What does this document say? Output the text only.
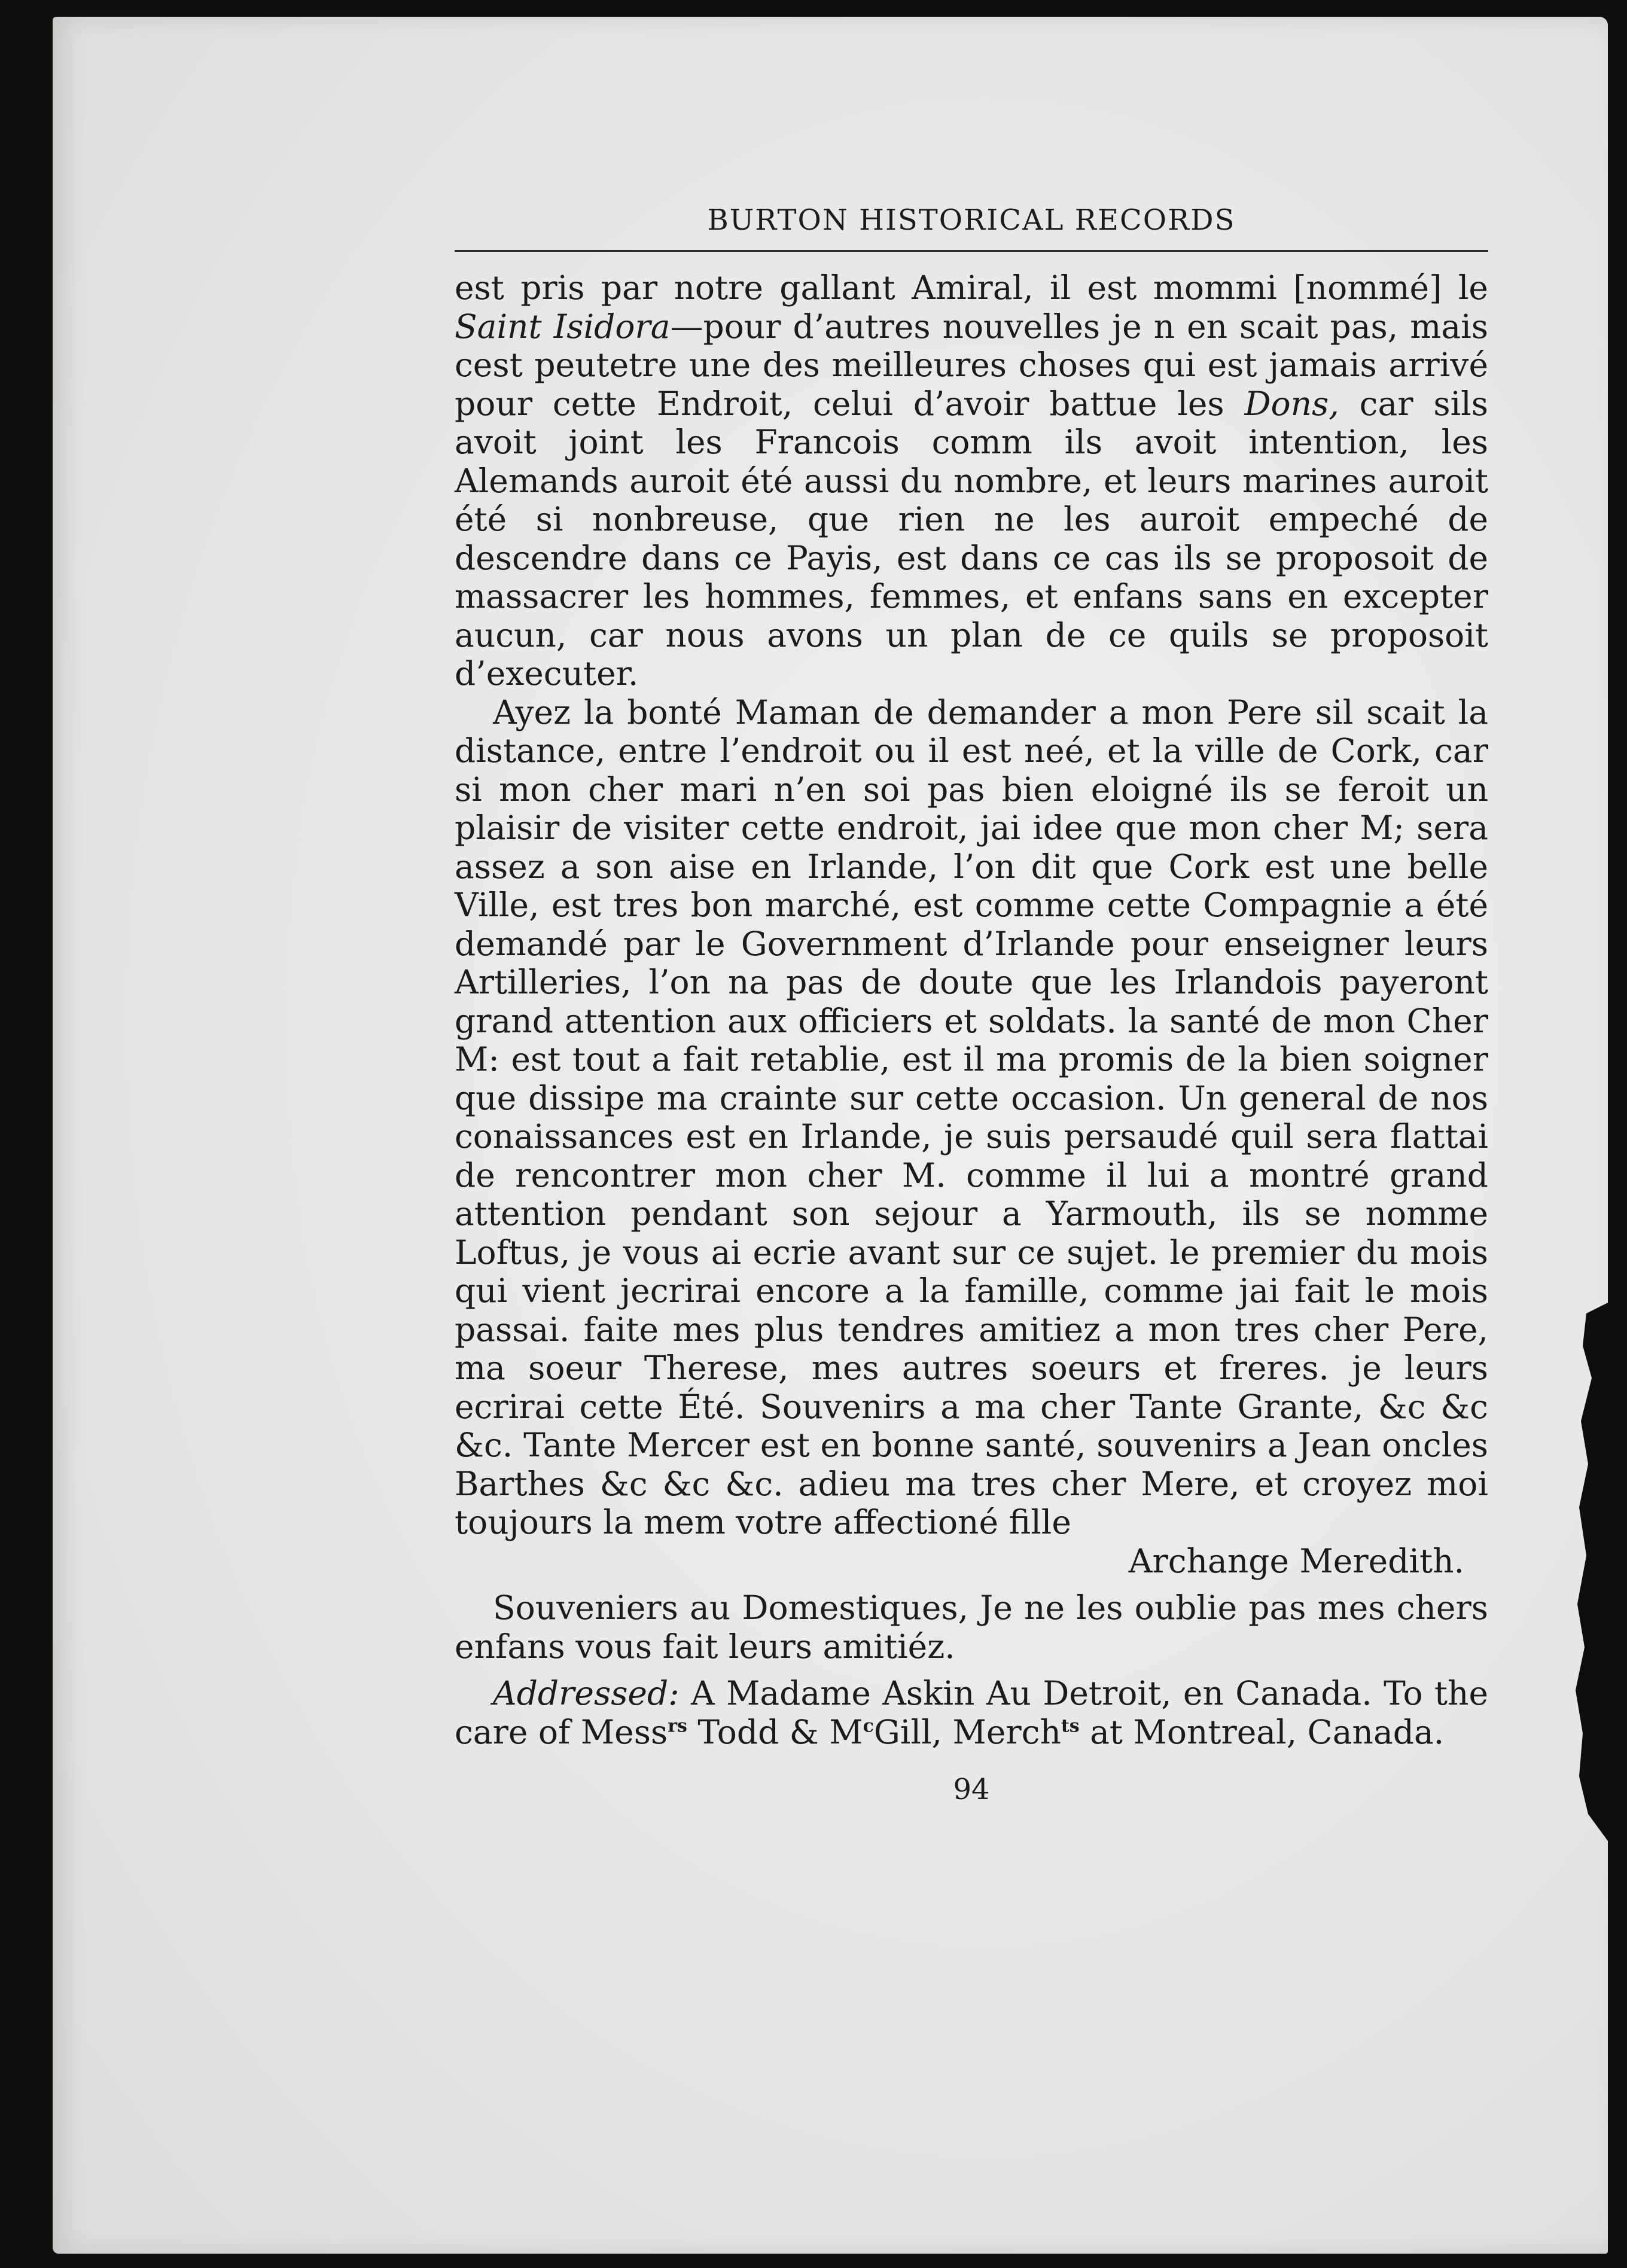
BURTON HISTORICAL RECORDS

est pris par notre gallant Amiral, il est mommi [nommé] le Saint Isidora—pour d’autres nouvelles je n en scait pas, mais cest peutetre une des meilleures choses qui est jamais arrivé pour cette Endroit, celui d’avoir battue les Dons, car sils avoit joint les Francois comm ils avoit intention, les Alemands auroit été aussi du nombre, et leurs marines auroit été si nonbreuse, que rien ne les auroit empeché de descendre dans ce Payis, est dans ce cas ils se proposoit de massacrer les hommes, femmes, et enfans sans en excepter aucun, car nous avons un plan de ce quils se proposoit d’executer.

Ayez la bonté Maman de demander a mon Pere sil scait la distance, entre l’endroit ou il est neé, et la ville de Cork, car si mon cher mari n’en soi pas bien eloigné ils se feroit un plaisir de visiter cette endroit, jai idee que mon cher M; sera assez a son aise en Irlande, l’on dit que Cork est une belle Ville, est tres bon marché, est comme cette Compagnie a été demandé par le Government d’Irlande pour enseigner leurs Artilleries, l’on na pas de doute que les Irlandois payeront grand attention aux officiers et soldats. la santé de mon Cher M: est tout a fait retablie, est il ma promis de la bien soigner que dissipe ma crainte sur cette occasion. Un general de nos conaissances est en Irlande, je suis persaudé quil sera flattai de rencontrer mon cher M. comme il lui a montré grand attention pendant son sejour a Yarmouth, ils se nomme Loftus, je vous ai ecrie avant sur ce sujet. le premier du mois qui vient jecrirai encore a la famille, comme jai fait le mois passai. faite mes plus tendres amitiez a mon tres cher Pere, ma soeur Therese, mes autres soeurs et freres. je leurs ecrirai cette Été. Souvenirs a ma cher Tante Grante, &c &c &c. Tante Mercer est en bonne santé, souvenirs a Jean oncles Barthes &c &c &c. adieu ma tres cher Mere, et croyez moi toujours la mem votre affectioné fille

Archange Meredith.

Souveniers au Domestiques, Je ne les oublie pas mes chers enfans vous fait leurs amitiéz.

Addressed: A Madame Askin Au Detroit, en Canada. To the care of Mess$^{rs}$ Todd & $M^cGill$, Merch$^{ts}$ at Montreal, Canada.

94
